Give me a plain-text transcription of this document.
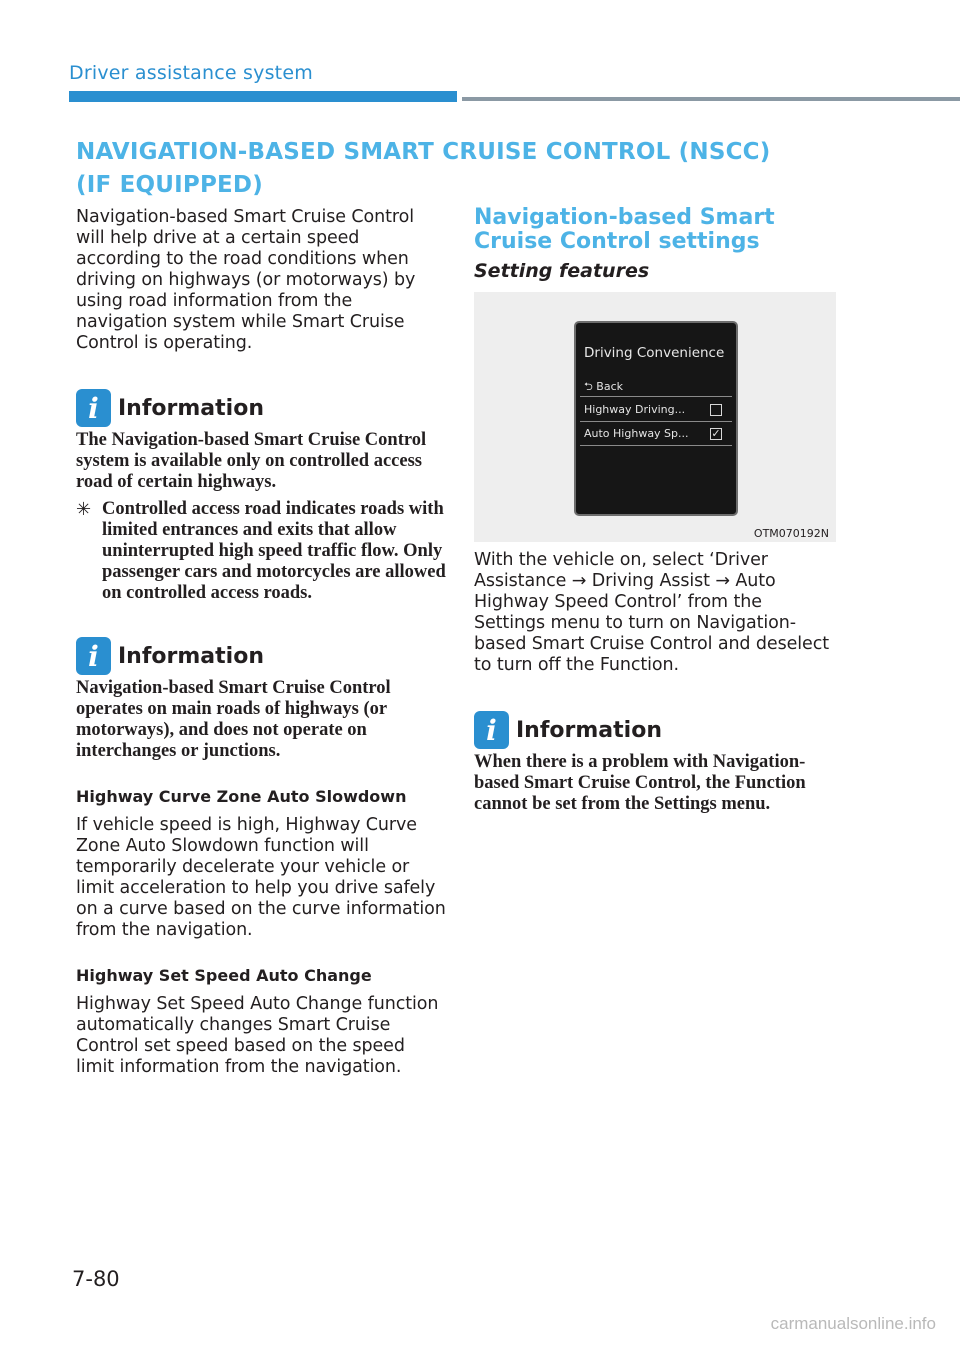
Driver assistance system
NAVIGATION-BASED SMART CRUISE CONTROL (NSCC) (IF EQUIPPED)

Navigation-based Smart Cruise Control will help drive at a certain speed according to the road conditions when driving on highways (or motorways) by using road information from the navigation system while Smart Cruise Control is operating.

i Information

The Navigation-based Smart Cruise Control system is available only on controlled access road of certain highways.

✳ Controlled access road indicates roads with limited entrances and exits that allow uninterrupted high speed traffic flow. Only passenger cars and motorcycles are allowed on controlled access roads.

i Information

Navigation-based Smart Cruise Control operates on main roads of highways (or motorways), and does not operate on interchanges or junctions.

Highway Curve Zone Auto Slowdown

If vehicle speed is high, Highway Curve Zone Auto Slowdown function will temporarily decelerate your vehicle or limit acceleration to help you drive safely on a curve based on the curve information from the navigation.

Highway Set Speed Auto Change

Highway Set Speed Auto Change function automatically changes Smart Cruise Control set speed based on the speed limit information from the navigation.

Navigation-based Smart Cruise Control settings

Setting features

Driving Convenience
⮌ Back
Highway Driving...
Auto Highway Sp... ✓
OTM070192N

With the vehicle on, select ‘Driver Assistance → Driving Assist → Auto Highway Speed Control’ from the Settings menu to turn on Navigation-based Smart Cruise Control and deselect to turn off the Function.

i Information

When there is a problem with Navigation-based Smart Cruise Control, the Function cannot be set from the Settings menu.

7-80
carmanualsonline.info
